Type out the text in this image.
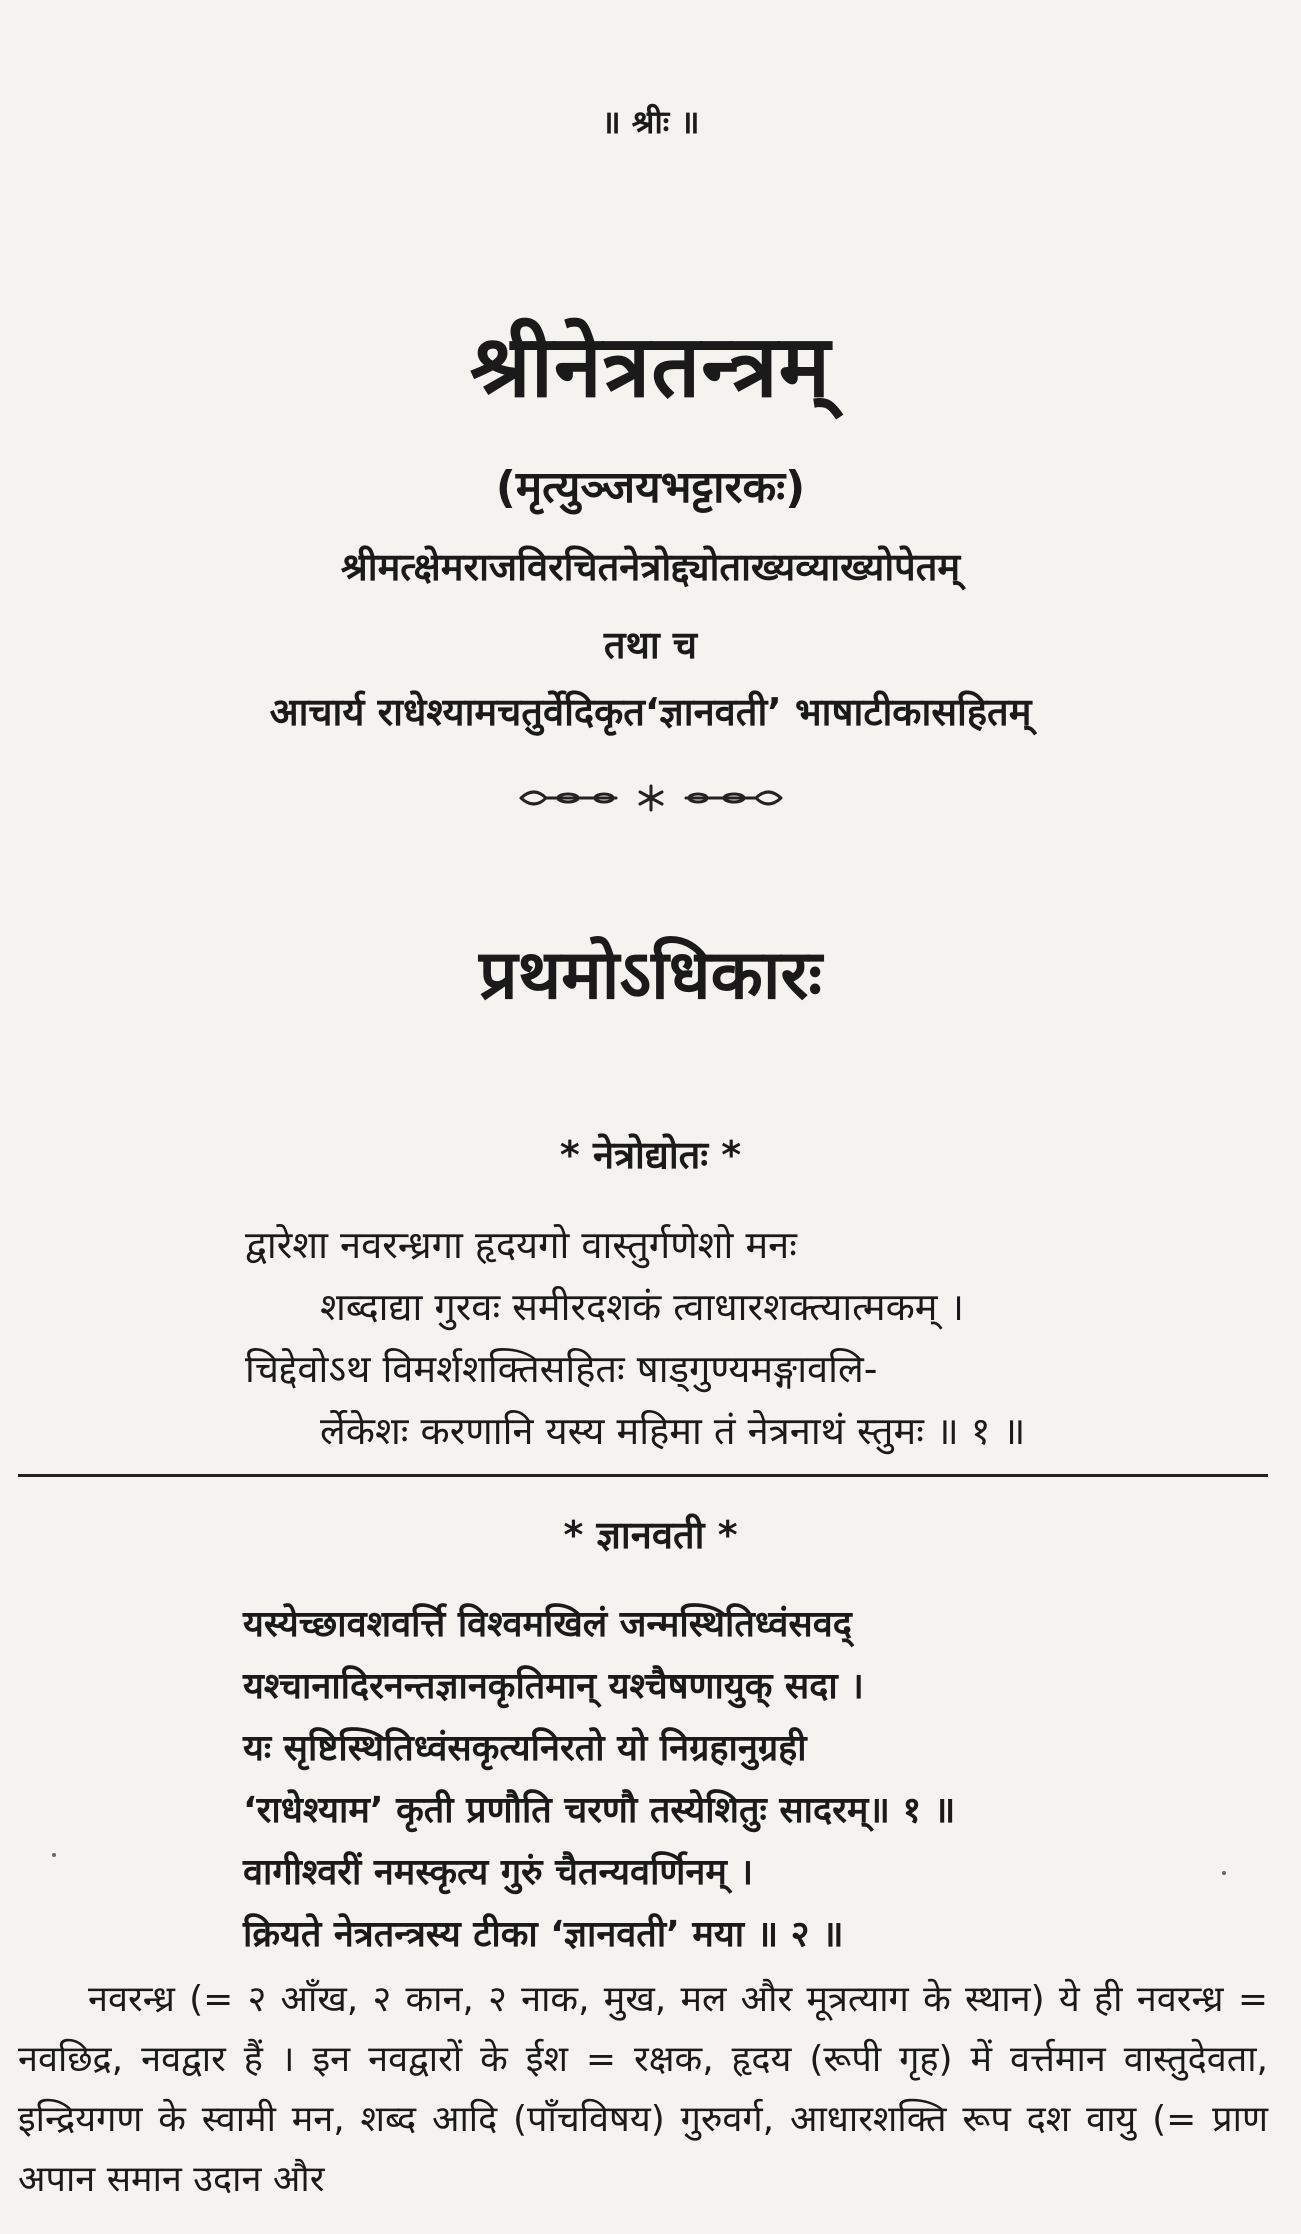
॥ श्रीः ॥
श्रीनेत्रतन्त्रम्
(मृत्युञ्जयभट्टारकः)
श्रीमत्क्षेमराजविरचितनेत्रोद्द्योताख्यव्याख्योपेतम्
तथा च
आचार्य राधेश्यामचतुर्वेदिकृत‘ज्ञानवती’ भाषाटीकासहितम्
प्रथमोऽधिकारः
* नेत्रोद्योतः *
द्वारेशा नवरन्ध्रगा हृदयगो वास्तुर्गणेशो मनः
शब्दाद्या गुरवः समीरदशकं त्वाधारशक्त्यात्मकम् ।
चिद्देवोऽथ विमर्शशक्तिसहितः षाड्गुण्यमङ्गावलि-
र्लेकेशः करणानि यस्य महिमा तं नेत्रनाथं स्तुमः ॥ १ ॥
* ज्ञानवती *
यस्येच्छावशवर्त्ति विश्वमखिलं जन्मस्थितिध्वंसवद्
यश्चानादिरनन्तज्ञानकृतिमान् यश्चैषणायुक् सदा ।
यः सृष्टिस्थितिध्वंसकृत्यनिरतो यो निग्रहानुग्रही
‘राधेश्याम’ कृती प्रणौति चरणौ तस्येशितुः सादरम्॥ १ ॥
वागीश्वरीं नमस्कृत्य गुरुं चैतन्यवर्णिनम् ।
क्रियते नेत्रतन्त्रस्य टीका ‘ज्ञानवती’ मया ॥ २ ॥

नवरन्ध्र (= २ आँख, २ कान, २ नाक, मुख, मल और मूत्रत्याग के स्थान) ये ही नवरन्ध्र = नवछिद्र, नवद्वार हैं । इन नवद्वारों के ईश = रक्षक, हृदय (रूपी गृह) में वर्त्तमान वास्तुदेवता, इन्द्रियगण के स्वामी मन, शब्द आदि (पाँचविषय) गुरुवर्ग, आधारशक्ति रूप दश वायु (= प्राण अपान समान उदान और
